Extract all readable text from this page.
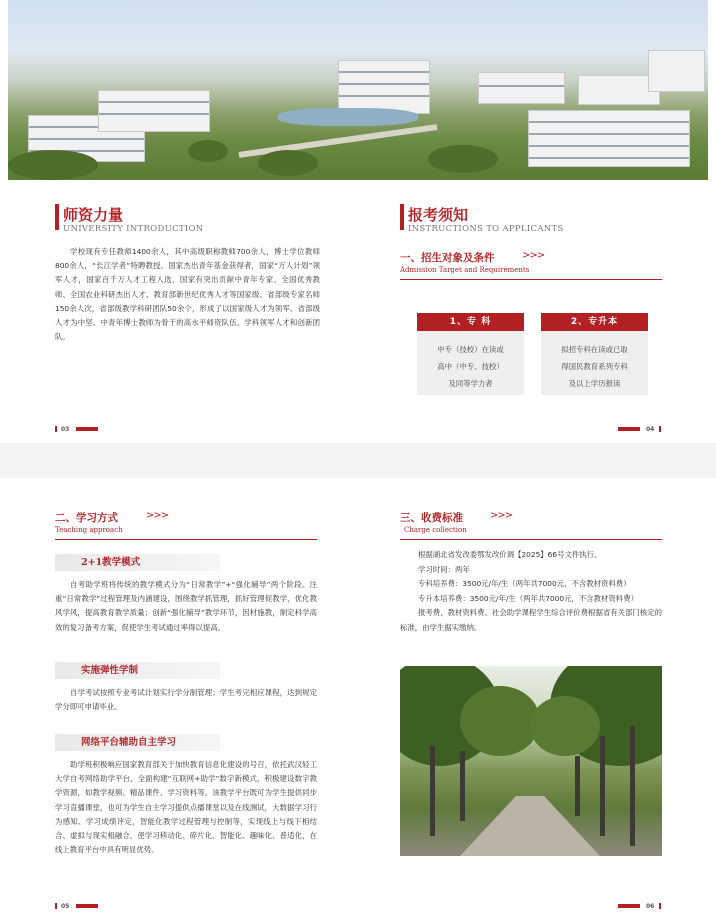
师资力量
UNIVERSITY INTRODUCTION
学校现有专任教师1400余人，其中高级职称教师700余人，博士学位教师800余人，“长江学者”特聘教授、国家杰出青年基金获得者，国家“万人计划”领军人才，国家百千万人才工程人选，国家有突出贡献中青年专家、全国优秀教师、全国农业科研杰出人才、教育部新世纪优秀人才等国家级、省部级专家名师150余人次，省部级教学科研团队50余个，形成了以国家级人才为领军、省部级人才为中坚、中青年博士教师为骨干的高水平师资队伍、学科领军人才和创新团队。
03
报考须知
INSTRUCTIONS TO APPLICANTS
一、招生对象及条件	>>>
Admission Target and Requirements
1、专 科
中专（技校）在读或
高中（中专、技校）
及同等学力者
2、专升本
拟招专科在读或已取
得国民教育系列专科
及以上学历报读
04
二、学习方式	>>>
Teaching approach
2+1教学模式
自考助学班将传统的教学模式分为“日常教学”+“强化辅导”两个阶段。注重“日常教学”过程管理及内涵建设，围绕教学抓管理，抓好管理促教学，优化教风学风，提高教育教学质量；创新“强化辅导”教学环节，因材施教，制定科学高效的复习备考方案，促使学生考试通过率得以提高。
实施弹性学制
自学考试按照专业考试计划实行学分制管理；学生考完相应课程，达到规定学分即可申请毕业。
网络平台辅助自主学习
助学班积极响应国家教育部关于加快教育信息化建设的号召，依托武汉轻工大学自考网络助学平台，全面构建“互联网+助学”数字新模式，积极建设数字教学资源，如教学视频、精品课件、学习资料等。该教学平台既可为学生提供同步学习直播课堂，也可为学生自主学习提供点播课堂以及在线测试，大数据学习行为感知、学习成绩评定，智能化教学过程管理与控制等，实现线上与线下相结合、虚拟与现实相融合，使学习移动化、碎片化、智能化、趣味化、普适化，在线上教育平台中具有明显优势。
05
三、收费标准	>>>
Charge collection
根据湖北省发改委鄂发改价调【2025】66号文件执行。
学习时间：两年
专科培养费：3500元/年/生（两年共7000元，不含教材资料费）
专升本培养费：3500元/年/生（两年共7000元，不含教材资料费）
报考费、教材资料费、社会助学课程学生综合评价费根据省有关部门核定的标准，由学生据实缴纳。
06
